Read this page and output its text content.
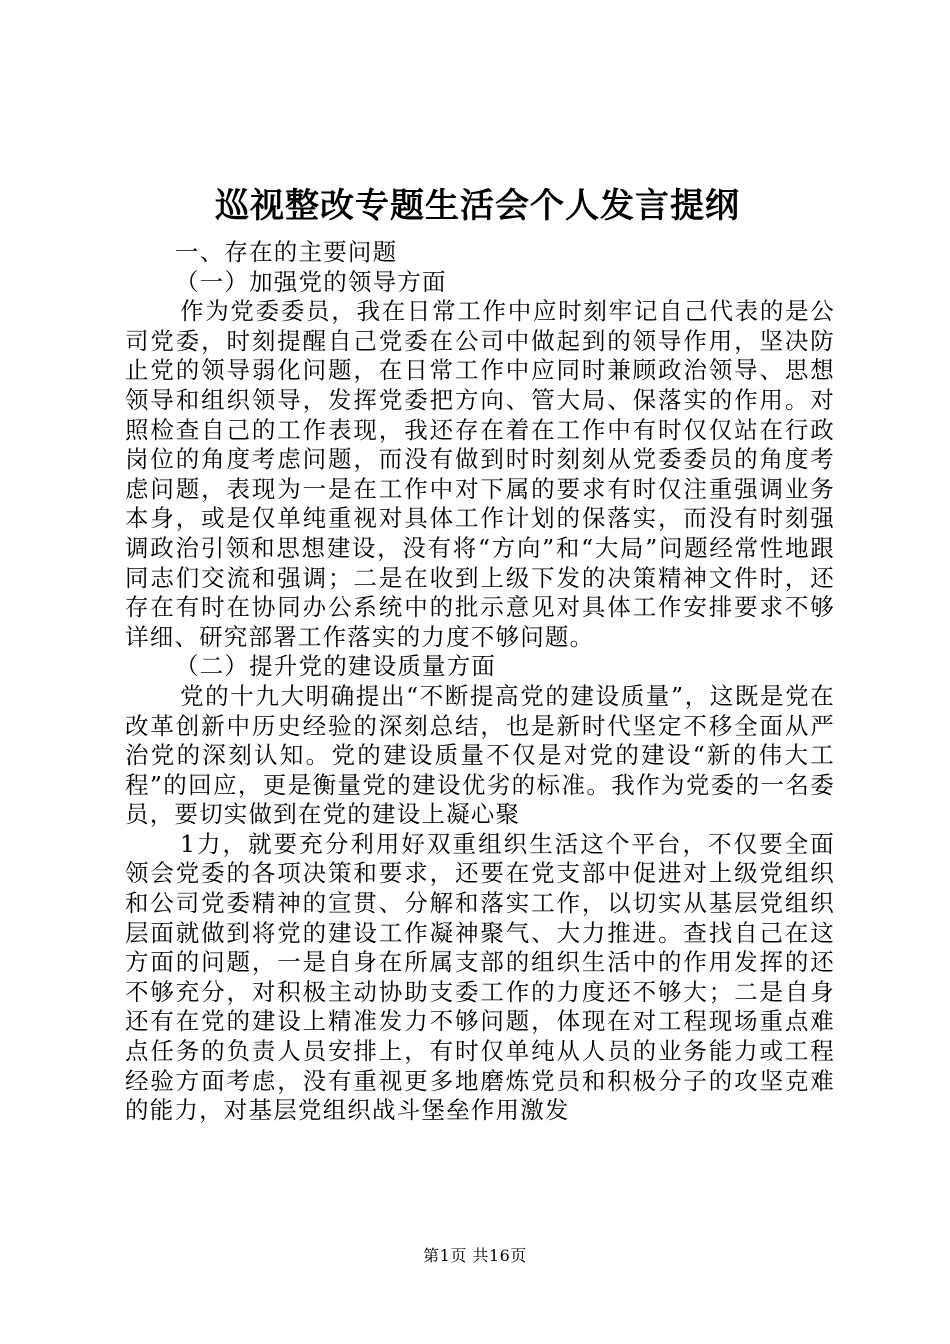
巡视整改专题生活会个人发言提纲

一、存在的主要问题

（一）加强党的领导方面

作为党委委员，我在日常工作中应时刻牢记自己代表的是公司党委，时刻提醒自己党委在公司中做起到的领导作用，坚决防止党的领导弱化问题，在日常工作中应同时兼顾政治领导、思想领导和组织领导，发挥党委把方向、管大局、保落实的作用。对照检查自己的工作表现，我还存在着在工作中有时仅仅站在行政岗位的角度考虑问题，而没有做到时时刻刻从党委委员的角度考虑问题，表现为一是在工作中对下属的要求有时仅注重强调业务本身，或是仅单纯重视对具体工作计划的保落实，而没有时刻强调政治引领和思想建设，没有将“方向”和“大局”问题经常性地跟同志们交流和强调；二是在收到上级下发的决策精神文件时，还存在有时在协同办公系统中的批示意见对具体工作安排要求不够详细、研究部署工作落实的力度不够问题。

（二）提升党的建设质量方面

党的十九大明确提出“不断提高党的建设质量”，这既是党在改革创新中历史经验的深刻总结，也是新时代坚定不移全面从严治党的深刻认知。党的建设质量不仅是对党的建设“新的伟大工程”的回应，更是衡量党的建设优劣的标准。我作为党委的一名委员，要切实做到在党的建设上凝心聚

1力，就要充分利用好双重组织生活这个平台，不仅要全面领会党委的各项决策和要求，还要在党支部中促进对上级党组织和公司党委精神的宣贯、分解和落实工作，以切实从基层党组织层面就做到将党的建设工作凝神聚气、大力推进。查找自己在这方面的问题，一是自身在所属支部的组织生活中的作用发挥的还不够充分，对积极主动协助支委工作的力度还不够大；二是自身还有在党的建设上精准发力不够问题，体现在对工程现场重点难点任务的负责人员安排上，有时仅单纯从人员的业务能力或工程经验方面考虑，没有重视更多地磨炼党员和积极分子的攻坚克难的能力，对基层党组织战斗堡垒作用激发

第1页 共16页
